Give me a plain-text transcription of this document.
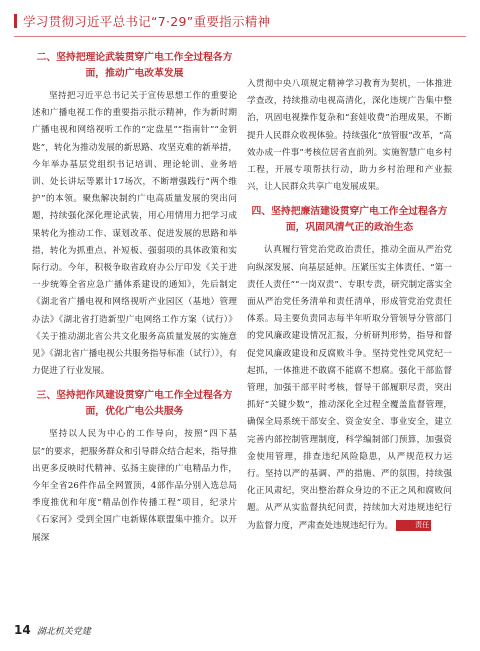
学习贯彻习近平总书记“7·29”重要指示精神
二、坚持把理论武装贯穿广电工作全过程各方面，推动广电改革发展

坚持把习近平总书记关于宣传思想工作的重要论述和广播电视工作的重要指示批示精神，作为新时期广播电视和网络视听工作的“定盘星”“指南针”“金钥匙”，转化为推动发展的新思路、攻坚克难的新举措，今年举办基层党组织书记培训、理论轮训、业务培训、处长讲坛等累计17场次，不断增强践行“两个维护”的本领。聚焦解决制约广电高质量发展的突出问题，持续强化深化理论武装，用心用情用力把学习成果转化为推动工作、谋划改革、促进发展的思路和举措，转化为抓重点、补短板、强弱项的具体政策和实际行动。今年，积极争取省政府办公厅印发《关于进一步统筹全省应急广播体系建设的通知》，先后制定《湖北省广播电视和网络视听产业园区（基地）管理办法》《湖北省打造新型广电网络工作方案（试行）》《关于推动湖北省公共文化服务高质量发展的实施意见》《湖北省广播电视公共服务指导标准（试行）》，有力促进了行业发展。

三、坚持把作风建设贯穿广电工作全过程各方面，优化广电公共服务

坚持以人民为中心的工作导向，按照“四下基层”的要求，把服务群众和引导群众结合起来，指导推出更多反映时代精神、弘扬主旋律的广电精品力作，今年全省26件作品全网置顶，4部作品分别入选总局季度推优和年度“精品创作传播工程”项目，纪录片《石家河》受到全国广电新媒体联盟集中推介。以开展深

入贯彻中央八项规定精神学习教育为契机，一体推进学查改，持续推动电视高清化，深化违规广告集中整治，巩固电视操作复杂和“套娃收费”治理成果，不断提升人民群众收视体验。持续强化“放管服”改革，“高效办成一件事”考核位居省直前列。实施智慧广电乡村工程，开展专项帮扶行动，助力乡村治理和产业振兴，让人民群众共享广电发展成果。

四、坚持把廉洁建设贯穿广电工作全过程各方面，巩固风清气正的政治生态

认真履行管党治党政治责任，推动全面从严治党向纵深发展、向基层延伸。压紧压实主体责任、“第一责任人责任”“一岗双责”、专职专责，研究制定落实全面从严治党任务清单和责任清单，形成管党治党责任体系。局主要负责同志每半年听取分管领导分管部门的党风廉政建设情况汇报，分析研判形势，指导和督促党风廉政建设和反腐败斗争。坚持党性党风党纪一起抓，一体推进不敢腐不能腐不想腐。强化干部监督管理，加强干部平时考核，督导干部履职尽责，突出抓好“关键少数”，推动深化全过程全覆盖监督管理，确保全局系统干部安全、资金安全、事业安全，建立完善内部控制管理制度，科学编制部门预算，加强资金使用管理，排查违纪风险隐患，从严规范权力运行。坚持以严的基调、严的措施、严的氛围，持续强化正风肃纪，突出整治群众身边的不正之风和腐败问题。从严从实监督执纪问责，持续加大对违规违纪行为监督力度，严肃查处违规违纪行为。	责任

14 湖北机关党建
